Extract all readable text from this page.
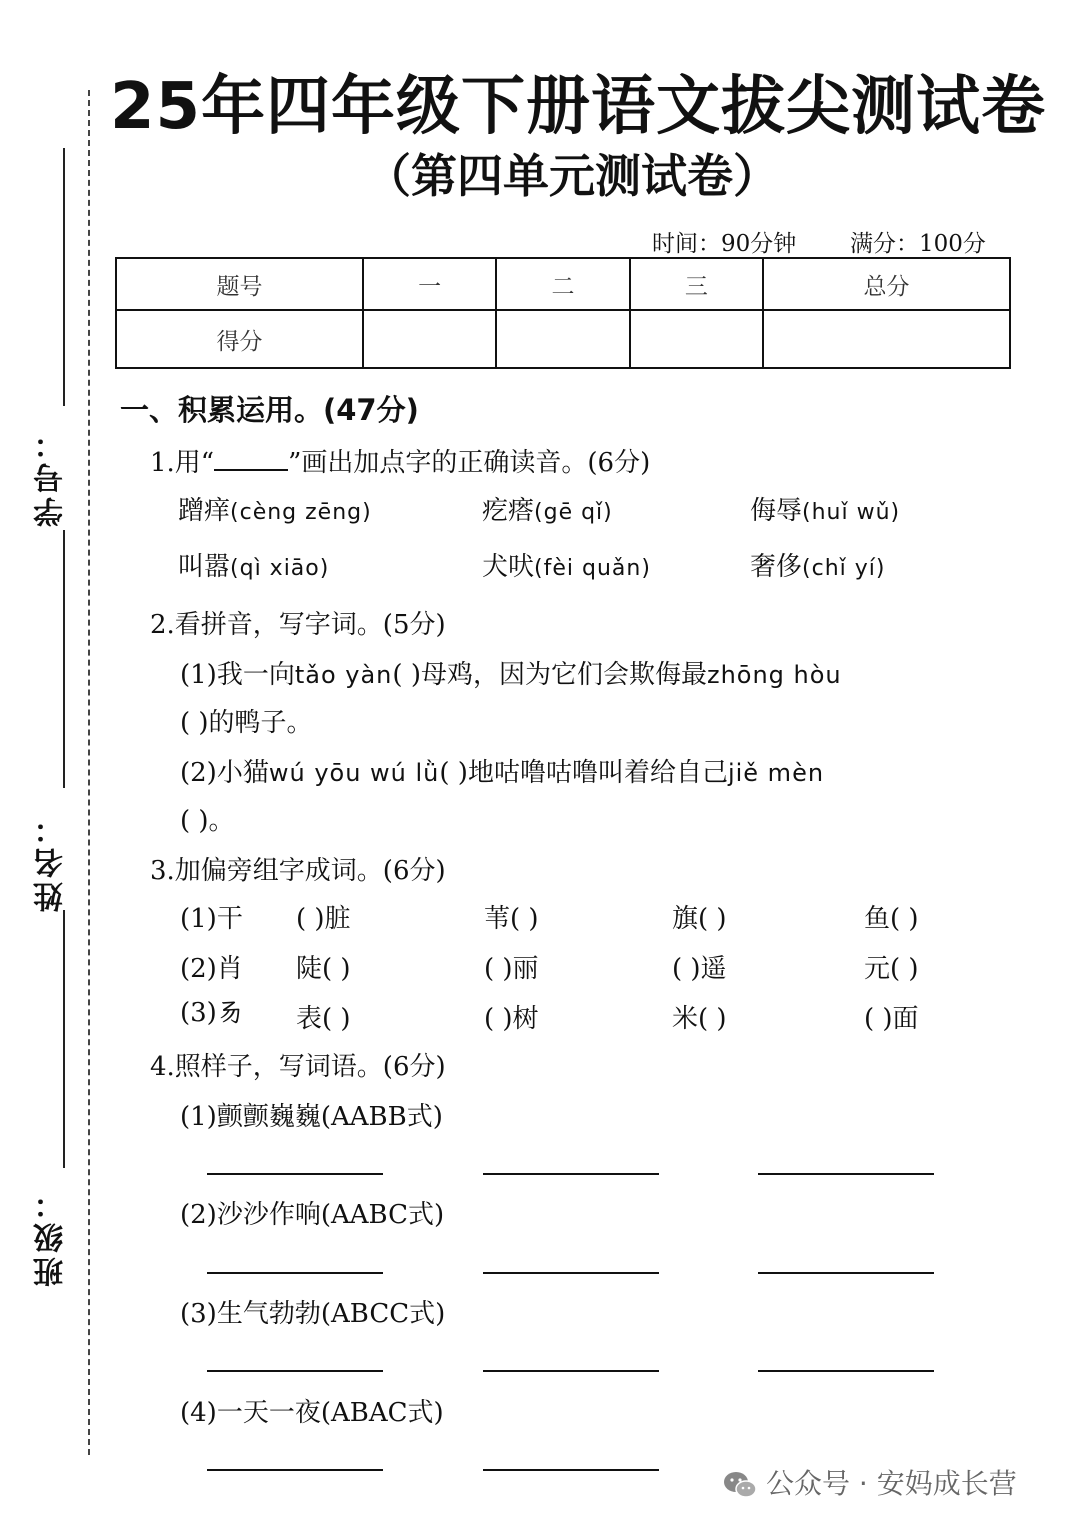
学号：
姓名：
班级：
25年四年级下册语文拔尖测试卷
（第四单元测试卷）
时间：90分钟 满分：100分
题号	一	二	三	总分
得分				
一、积累运用。(47分)
1.用“	”画出加点字的正确读音。(6分)
蹭痒(cèng zēng)	疙瘩(gē qǐ)	侮辱(huǐ wǔ)
叫嚣(qì xiāo)	犬吠(fèi quǎn)	奢侈(chǐ yí)
2.看拼音，写字词。(5分)
(1)我一向tǎo yàn( )母鸡，因为它们会欺侮最zhōng hòu
( )的鸭子。
(2)小猫wú yōu wú lǜ( )地咕噜咕噜叫着给自己jiě mèn
( )。
3.加偏旁组字成词。(6分)
(1)干 ( )脏	苇( )	旗( )	鱼( )
(2)肖 陡( )	( )丽	( )遥	元( )
(3)𠃓 表( )	( )树	米( )	( )面
4.照样子，写词语。(6分)
(1)颤颤巍巍(AABB式)
(2)沙沙作响(AABC式)
(3)生气勃勃(ABCC式)
(4)一天一夜(ABAC式)
公众号 · 安妈成长营
